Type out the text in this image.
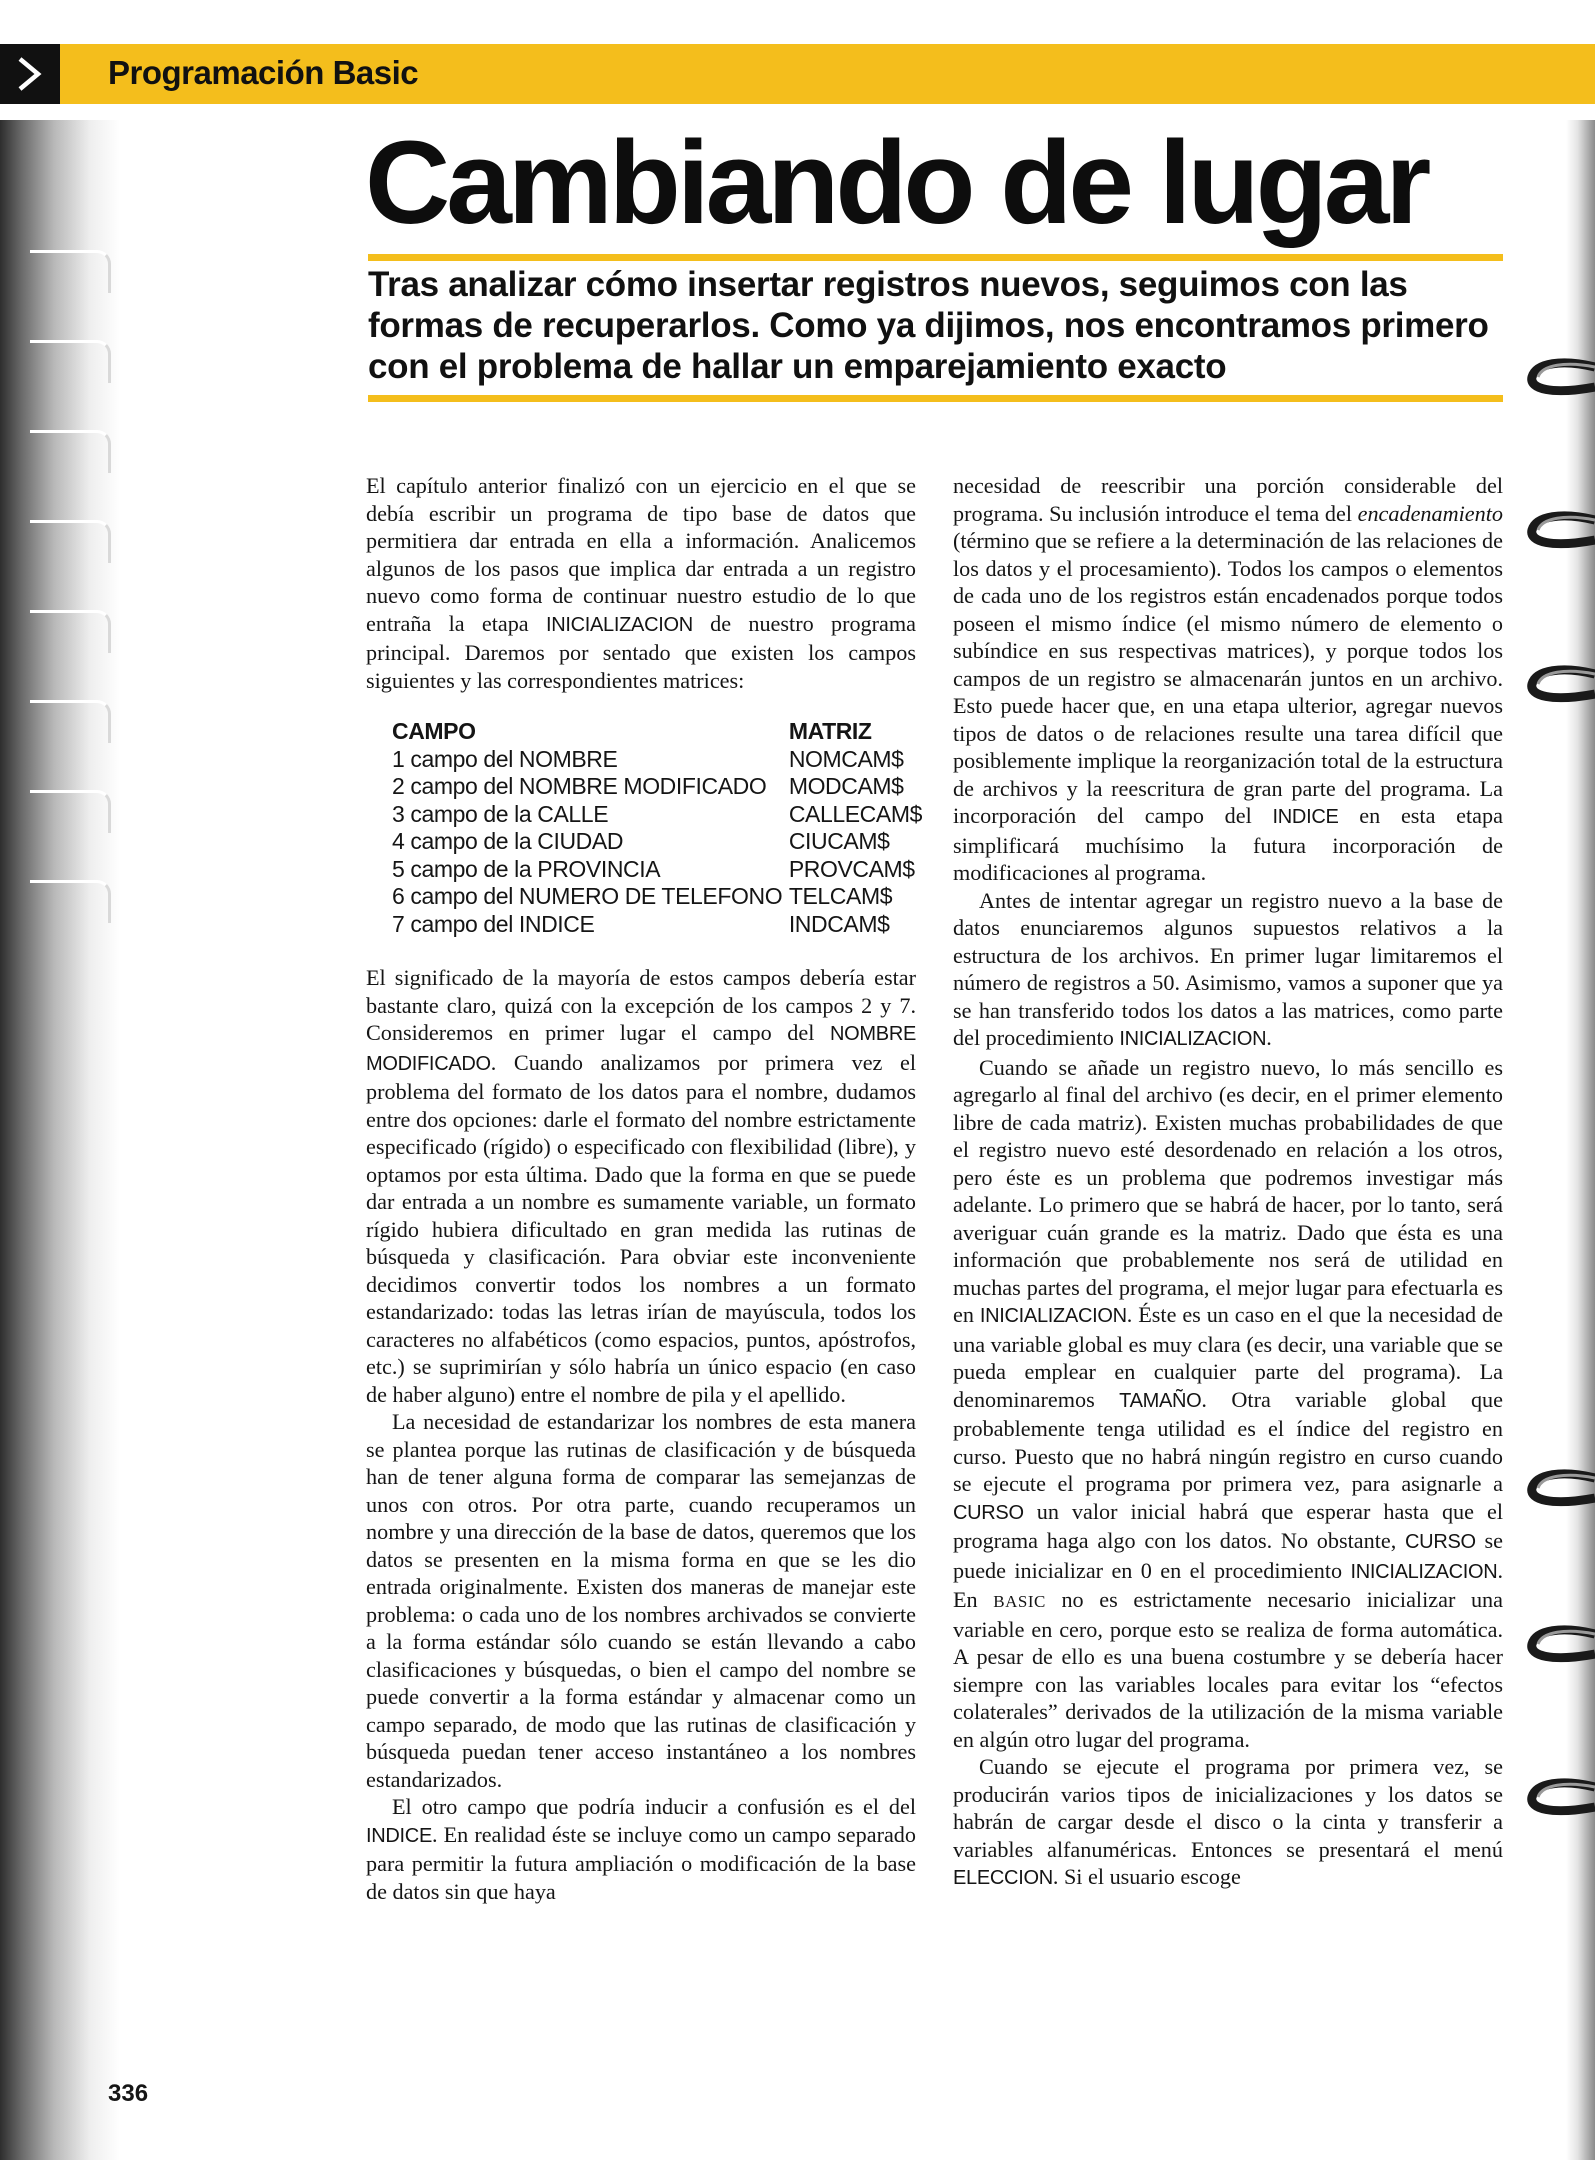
Programación Basic
Cambiando de lugar
Tras analizar cómo insertar registros nuevos, seguimos con las formas de recuperarlos. Como ya dijimos, nos encontramos primero con el problema de hallar un emparejamiento exacto

El capítulo anterior finalizó con un ejercicio en el que se debía escribir un programa de tipo base de datos que permitiera dar entrada en ella a información. Analicemos algunos de los pasos que implica dar entrada a un registro nuevo como forma de continuar nuestro estudio de lo que entraña la etapa INICIALIZACION de nuestro programa principal. Daremos por sentado que existen los campos siguientes y las correspondientes matrices:

CAMPO	MATRIZ
1 campo del NOMBRE	NOMCAM$
2 campo del NOMBRE MODIFICADO	MODCAM$
3 campo de la CALLE	CALLECAM$
4 campo de la CIUDAD	CIUCAM$
5 campo de la PROVINCIA	PROVCAM$
6 campo del NUMERO DE TELEFONO	TELCAM$
7 campo del INDICE	INDCAM$

El significado de la mayoría de estos campos debería estar bastante claro, quizá con la excepción de los campos 2 y 7. Consideremos en primer lugar el campo del NOMBRE MODIFICADO. Cuando analizamos por primera vez el problema del formato de los datos para el nombre, dudamos entre dos opciones: darle el formato del nombre estrictamente especificado (rígido) o especificado con flexibilidad (libre), y optamos por esta última. Dado que la forma en que se puede dar entrada a un nombre es sumamente variable, un formato rígido hubiera dificultado en gran medida las rutinas de búsqueda y clasificación. Para obviar este inconveniente decidimos convertir todos los nombres a un formato estandarizado: todas las letras irían de mayúscula, todos los caracteres no alfabéticos (como espacios, puntos, apóstrofos, etc.) se suprimirían y sólo habría un único espacio (en caso de haber alguno) entre el nombre de pila y el apellido.

La necesidad de estandarizar los nombres de esta manera se plantea porque las rutinas de clasificación y de búsqueda han de tener alguna forma de comparar las semejanzas de unos con otros. Por otra parte, cuando recuperamos un nombre y una dirección de la base de datos, queremos que los datos se presenten en la misma forma en que se les dio entrada originalmente. Existen dos maneras de manejar este problema: o cada uno de los nombres archivados se convierte a la forma estándar sólo cuando se están llevando a cabo clasificaciones y búsquedas, o bien el campo del nombre se puede convertir a la forma estándar y almacenar como un campo separado, de modo que las rutinas de clasificación y búsqueda puedan tener acceso instantáneo a los nombres estandarizados.

El otro campo que podría inducir a confusión es el del INDICE. En realidad éste se incluye como un campo separado para permitir la futura ampliación o modificación de la base de datos sin que haya

necesidad de reescribir una porción considerable del programa. Su inclusión introduce el tema del encadenamiento (término que se refiere a la determinación de las relaciones de los datos y el procesamiento). Todos los campos o elementos de cada uno de los registros están encadenados porque todos poseen el mismo índice (el mismo número de elemento o subíndice en sus respectivas matrices), y porque todos los campos de un registro se almacenarán juntos en un archivo. Esto puede hacer que, en una etapa ulterior, agregar nuevos tipos de datos o de relaciones resulte una tarea difícil que posiblemente implique la reorganización total de la estructura de archivos y la reescritura de gran parte del programa. La incorporación del campo del INDICE en esta etapa simplificará muchísimo la futura incorporación de modificaciones al programa.

Antes de intentar agregar un registro nuevo a la base de datos enunciaremos algunos supuestos relativos a la estructura de los archivos. En primer lugar limitaremos el número de registros a 50. Asimismo, vamos a suponer que ya se han transferido todos los datos a las matrices, como parte del procedimiento INICIALIZACION.

Cuando se añade un registro nuevo, lo más sencillo es agregarlo al final del archivo (es decir, en el primer elemento libre de cada matriz). Existen muchas probabilidades de que el registro nuevo esté desordenado en relación a los otros, pero éste es un problema que podremos investigar más adelante. Lo primero que se habrá de hacer, por lo tanto, será averiguar cuán grande es la matriz. Dado que ésta es una información que probablemente nos será de utilidad en muchas partes del programa, el mejor lugar para efectuarla es en INICIALIZACION. Éste es un caso en el que la necesidad de una variable global es muy clara (es decir, una variable que se pueda emplear en cualquier parte del programa). La denominaremos TAMAÑO. Otra variable global que probablemente tenga utilidad es el índice del registro en curso. Puesto que no habrá ningún registro en curso cuando se ejecute el programa por primera vez, para asignarle a CURSO un valor inicial habrá que esperar hasta que el programa haga algo con los datos. No obstante, CURSO se puede inicializar en 0 en el procedimiento INICIALIZACION. En BASIC no es estrictamente necesario inicializar una variable en cero, porque esto se realiza de forma automática. A pesar de ello es una buena costumbre y se debería hacer siempre con las variables locales para evitar los “efectos colaterales” derivados de la utilización de la misma variable en algún otro lugar del programa.

Cuando se ejecute el programa por primera vez, se producirán varios tipos de inicializaciones y los datos se habrán de cargar desde el disco o la cinta y transferir a variables alfanuméricas. Entonces se presentará el menú ELECCION. Si el usuario escoge

336
